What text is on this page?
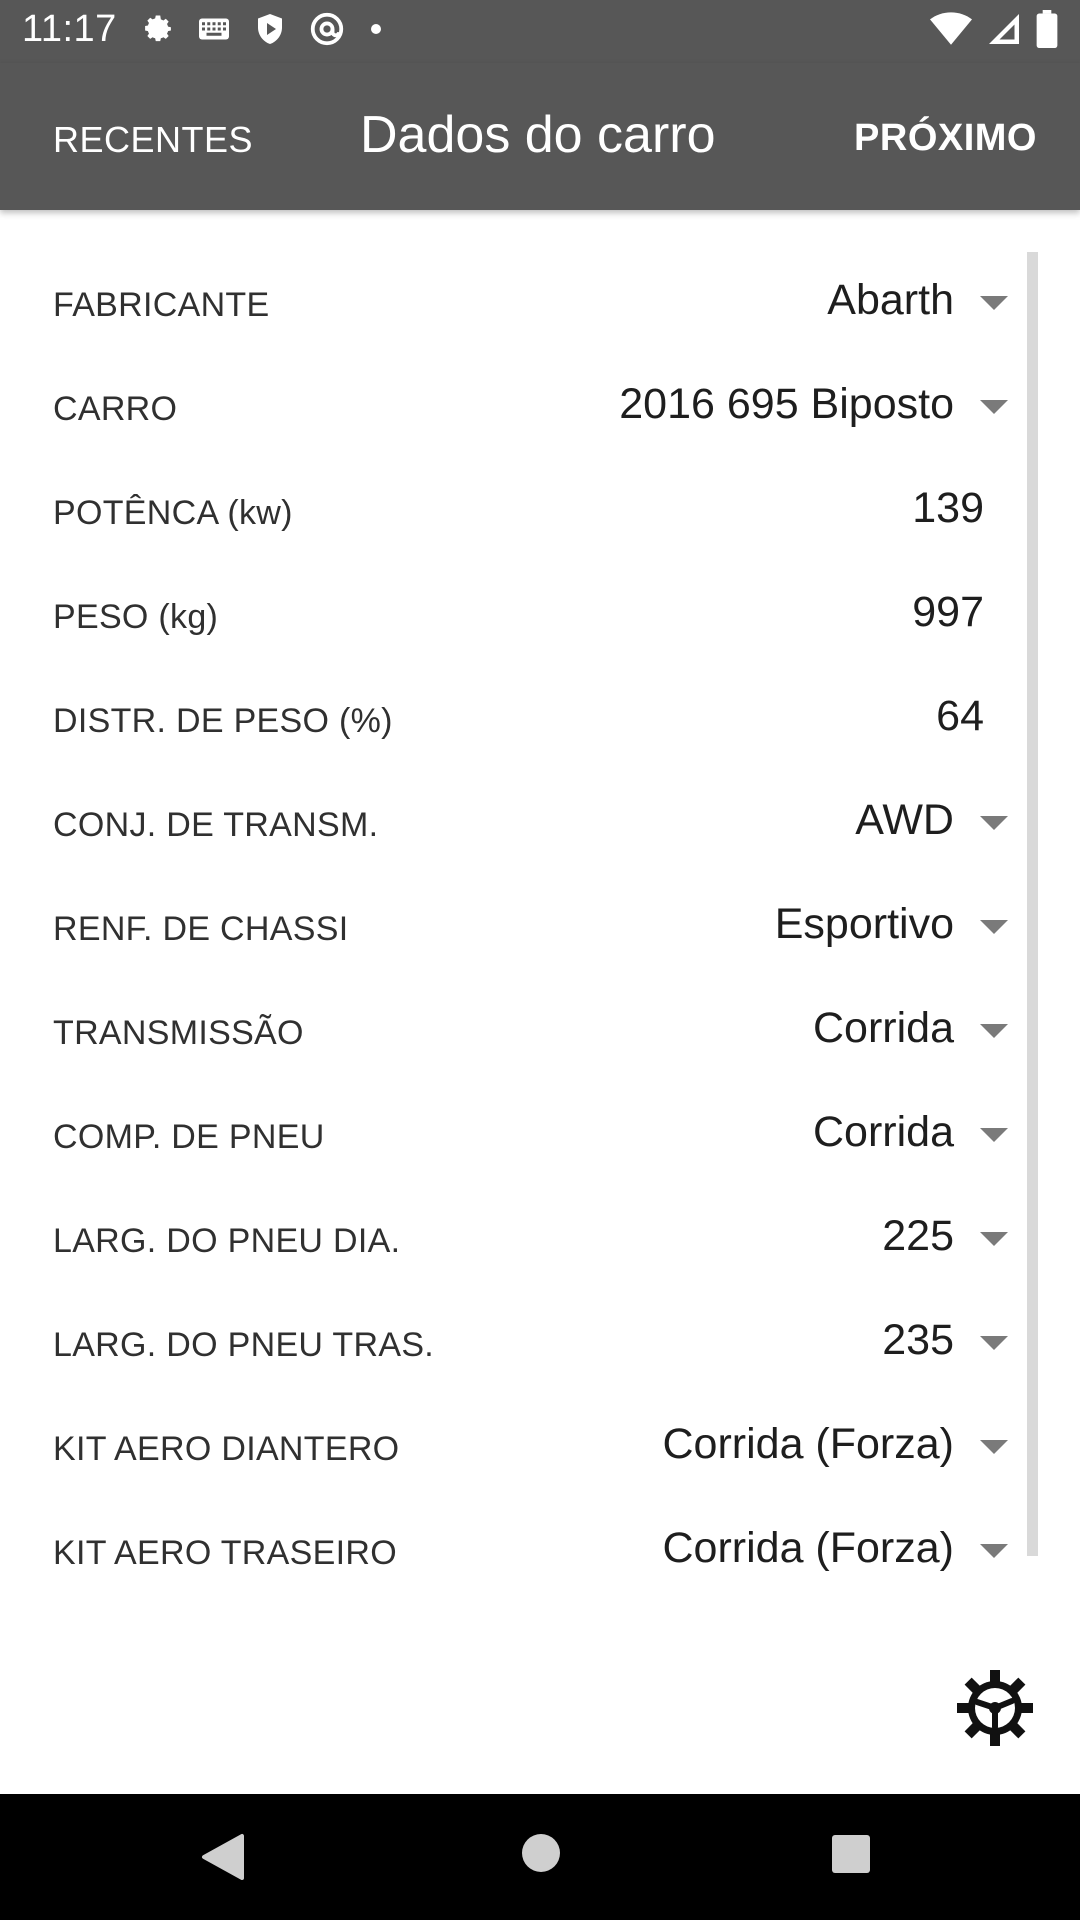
11:17
RECENTES Dados do carro	PRÓXIMO
FABRICANTE	Abarth
CARRO	2016 695 Biposto
POTÊNCA (kw)	139
PESO (kg)	997
DISTR. DE PESO (%)	64
CONJ. DE TRANSM.	AWD
RENF. DE CHASSI	Esportivo
TRANSMISSÃO	Corrida
COMP. DE PNEU	Corrida
LARG. DO PNEU DIA.	225
LARG. DO PNEU TRAS.	235
KIT AERO DIANTERO	Corrida (Forza)
KIT AERO TRASEIRO	Corrida (Forza)
